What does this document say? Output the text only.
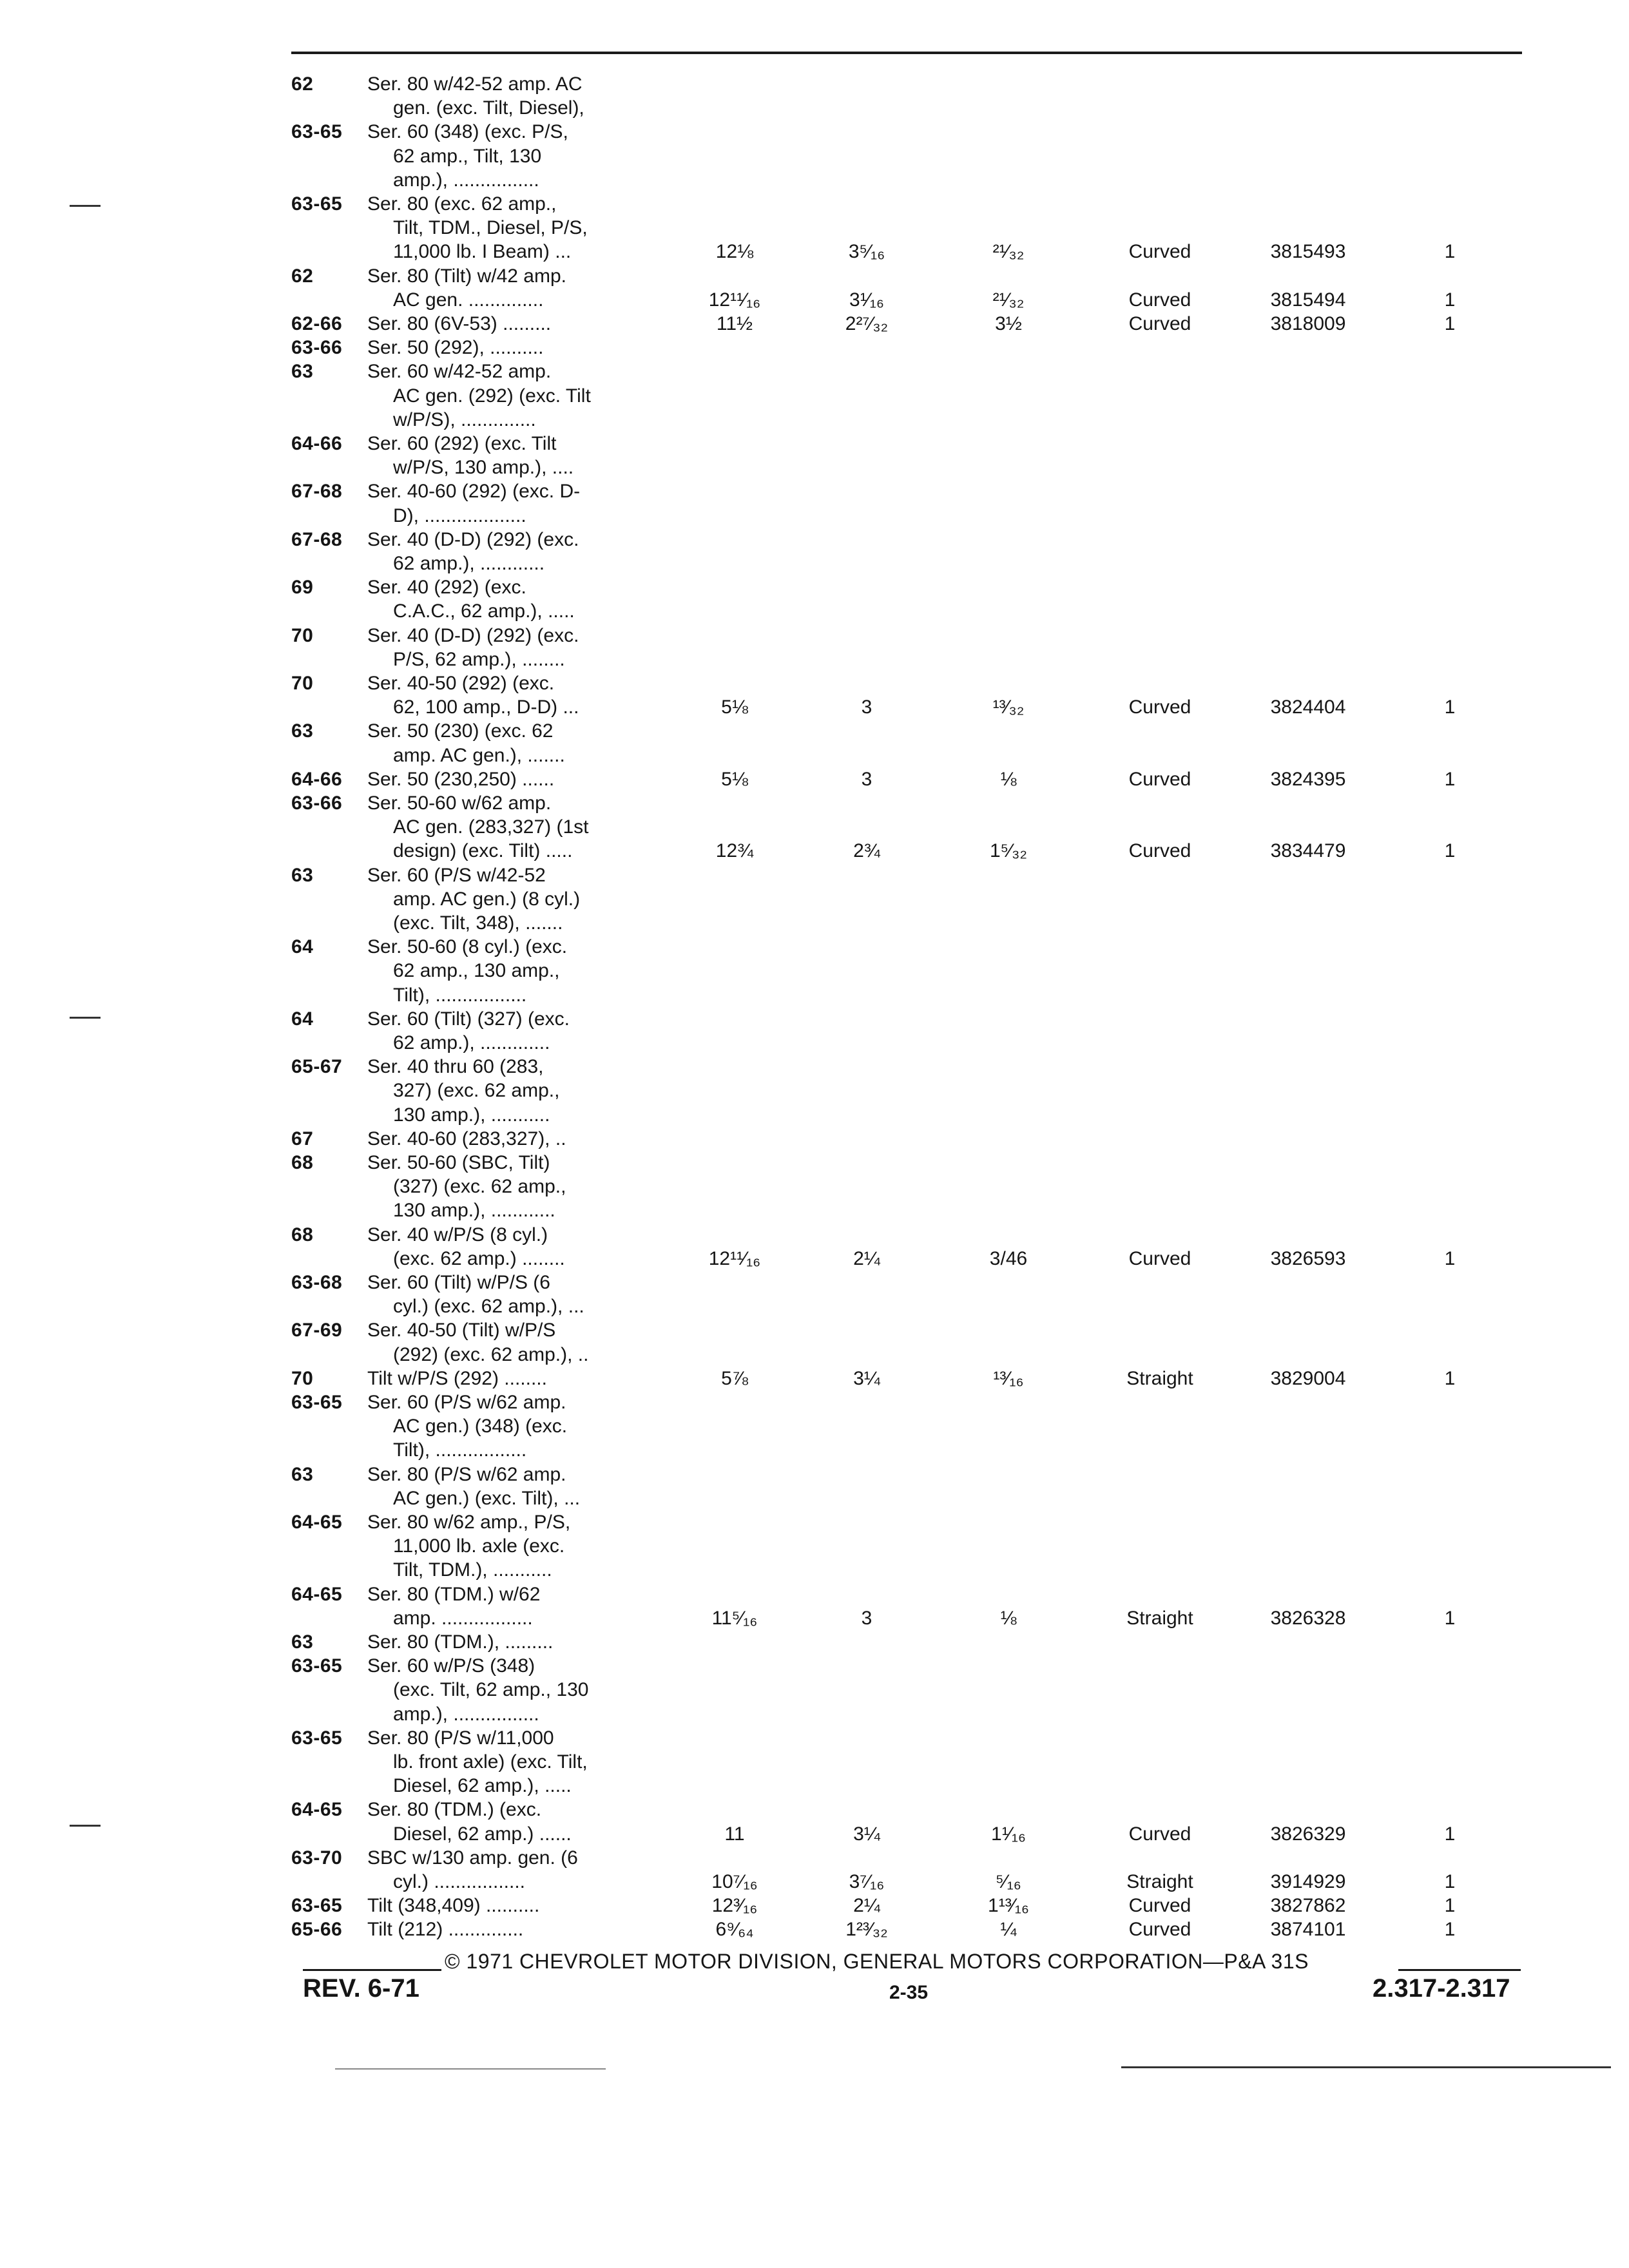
62	Ser. 80 w/42-52 amp. AC
gen. (exc. Tilt, Diesel),
63-65 Ser. 60 (348) (exc. P/S,
62 amp., Tilt, 130
amp.), ................
63-65 Ser. 80 (exc. 62 amp.,
Tilt, TDM., Diesel, P/S,
11,000 lb. I Beam) ...	12⅛	3⁵⁄₁₆	²¹⁄₃₂	Curved	3815493	1
62	Ser. 80 (Tilt) w/42 amp.
AC gen. ..............	12¹¹⁄₁₆	3¹⁄₁₆	²¹⁄₃₂	Curved	3815494	1
62-66 Ser. 80 (6V-53) .........	11½	2²⁷⁄₃₂	3½	Curved	3818009	1
63-66 Ser. 50 (292), ..........
63	Ser. 60 w/42-52 amp.
AC gen. (292) (exc. Tilt
w/P/S), ..............
64-66 Ser. 60 (292) (exc. Tilt
w/P/S, 130 amp.), ....
67-68 Ser. 40-60 (292) (exc. D-
D), ...................
67-68 Ser. 40 (D-D) (292) (exc.
62 amp.), ............
69	Ser. 40 (292) (exc.
C.A.C., 62 amp.), .....
70	Ser. 40 (D-D) (292) (exc.
P/S, 62 amp.), ........
70	Ser. 40-50 (292) (exc.
62, 100 amp., D-D) ...	5⅛	3	¹³⁄₃₂	Curved	3824404	1
63	Ser. 50 (230) (exc. 62
amp. AC gen.), .......
64-66 Ser. 50 (230,250) ......	5⅛	3	⅛	Curved	3824395	1
63-66 Ser. 50-60 w/62 amp.
AC gen. (283,327) (1st
design) (exc. Tilt) .....	12¾	2¾	1⁵⁄₃₂	Curved	3834479	1
63	Ser. 60 (P/S w/42-52
amp. AC gen.) (8 cyl.)
(exc. Tilt, 348), .......
64	Ser. 50-60 (8 cyl.) (exc.
62 amp., 130 amp.,
Tilt), .................
64	Ser. 60 (Tilt) (327) (exc.
62 amp.), .............
65-67 Ser. 40 thru 60 (283,
327) (exc. 62 amp.,
130 amp.), ...........
67	Ser. 40-60 (283,327), ..
68	Ser. 50-60 (SBC, Tilt)
(327) (exc. 62 amp.,
130 amp.), ............
68	Ser. 40 w/P/S (8 cyl.)
(exc. 62 amp.) ........	12¹¹⁄₁₆	2¼	3/46	Curved	3826593	1
63-68 Ser. 60 (Tilt) w/P/S (6
cyl.) (exc. 62 amp.), ...
67-69 Ser. 40-50 (Tilt) w/P/S
(292) (exc. 62 amp.), ..
70	Tilt w/P/S (292) ........	5⅞	3¼	¹³⁄₁₆	Straight	3829004	1
63-65 Ser. 60 (P/S w/62 amp.
AC gen.) (348) (exc.
Tilt), .................
63	Ser. 80 (P/S w/62 amp.
AC gen.) (exc. Tilt), ...
64-65 Ser. 80 w/62 amp., P/S,
11,000 lb. axle (exc.
Tilt, TDM.), ...........
64-65 Ser. 80 (TDM.) w/62
amp. .................	11⁵⁄₁₆	3	⅛	Straight	3826328	1
63	Ser. 80 (TDM.), .........
63-65 Ser. 60 w/P/S (348)
(exc. Tilt, 62 amp., 130
amp.), ................
63-65 Ser. 80 (P/S w/11,000
lb. front axle) (exc. Tilt,
Diesel, 62 amp.), .....
64-65 Ser. 80 (TDM.) (exc.
Diesel, 62 amp.) ......	11	3¼	1¹⁄₁₆	Curved	3826329	1
63-70 SBC w/130 amp. gen. (6
cyl.) .................	10⁷⁄₁₆	3⁷⁄₁₆	⁵⁄₁₆	Straight	3914929	1
63-65 Tilt (348,409) ..........	12³⁄₁₆	2¼	1¹³⁄₁₆	Curved	3827862	1
65-66 Tilt (212) ..............	6⁹⁄₆₄	1²³⁄₃₂	¼	Curved	3874101	1
© 1971 CHEVROLET MOTOR DIVISION, GENERAL MOTORS CORPORATION—P&A 31S
REV. 6-71	2-35	2.317-2.317
